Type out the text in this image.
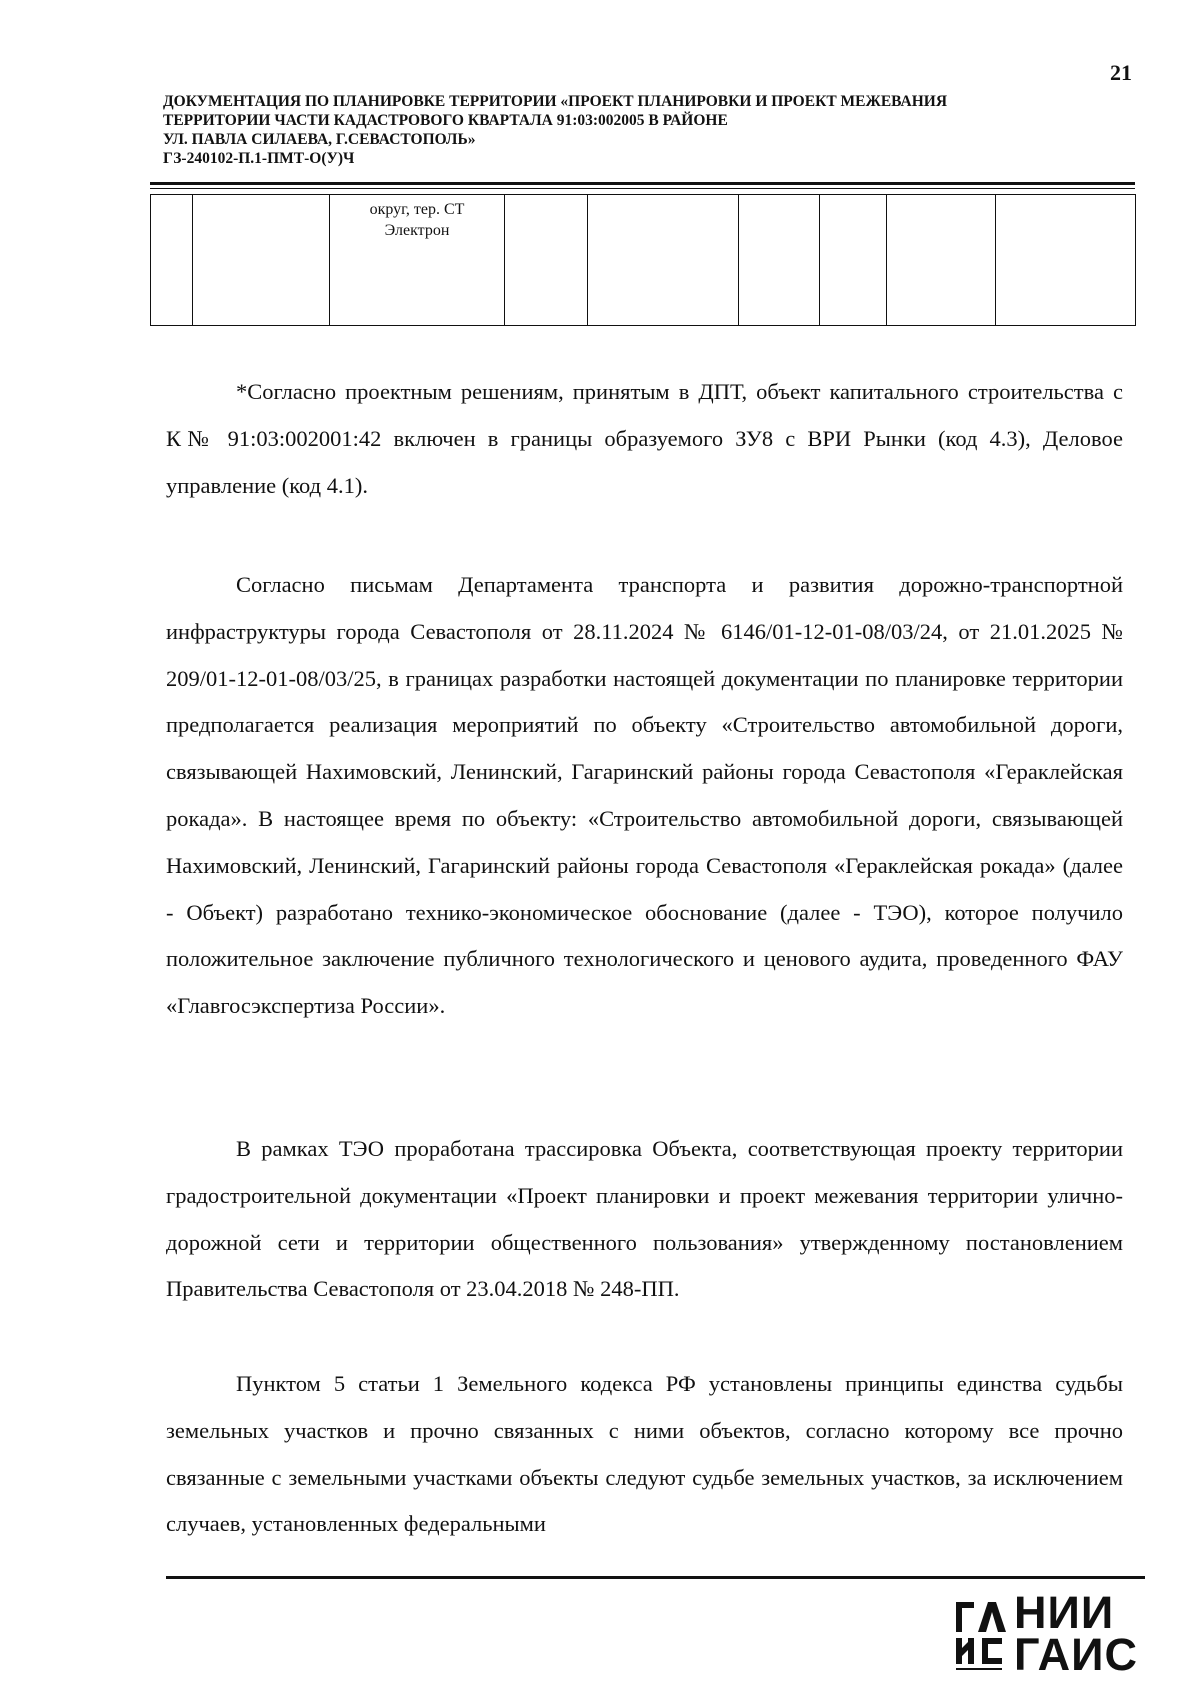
21
ДОКУМЕНТАЦИЯ ПО ПЛАНИРОВКЕ ТЕРРИТОРИИ «ПРОЕКТ ПЛАНИРОВКИ И ПРОЕКТ МЕЖЕВАНИЯ
ТЕРРИТОРИИ ЧАСТИ КАДАСТРОВОГО КВАРТАЛА 91:03:002005 В РАЙОНЕ
УЛ. ПАВЛА СИЛАЕВА, Г.СЕВАСТОПОЛЬ»
ГЗ-240102-П.1-ПМТ-О(У)Ч
		округ, тер. СТ Электрон						

*Согласно проектным решениям, принятым в ДПТ, объект капитального строительства с К№ 91:03:002001:42 включен в границы образуемого ЗУ8 с ВРИ Рынки (код 4.3), Деловое управление (код 4.1).

Согласно письмам Департамента транспорта и развития дорожно-транспортной инфраструктуры города Севастополя от 28.11.2024 № 6146/01-12-01-08/03/24, от 21.01.2025 № 209/01-12-01-08/03/25, в границах разработки настоящей документации по планировке территории предполагается реализация мероприятий по объекту «Строительство автомобильной дороги, связывающей Нахимовский, Ленинский, Гагаринский районы города Севастополя «Гераклейская рокада». В настоящее время по объекту: «Строительство автомобильной дороги, связывающей Нахимовский, Ленинский, Гагаринский районы города Севастополя «Гераклейская рокада» (далее - Объект) разработано технико-экономическое обоснование (далее - ТЭО), которое получило положительное заключение публичного технологического и ценового аудита, проведенного ФАУ «Главгосэкспертиза России».

В рамках ТЭО проработана трассировка Объекта, соответствующая проекту территории градостроительной документации «Проект планировки и проект межевания территории улично-дорожной сети и территории общественного пользования» утвержденному постановлением Правительства Севастополя от 23.04.2018 № 248-ПП.

Пунктом 5 статьи 1 Земельного кодекса РФ установлены принципы единства судьбы земельных участков и прочно связанных с ними объектов, согласно которому все прочно связанные с земельными участками объекты следуют судьбе земельных участков, за исключением случаев, установленных федеральными

НИИ
ГАИС
